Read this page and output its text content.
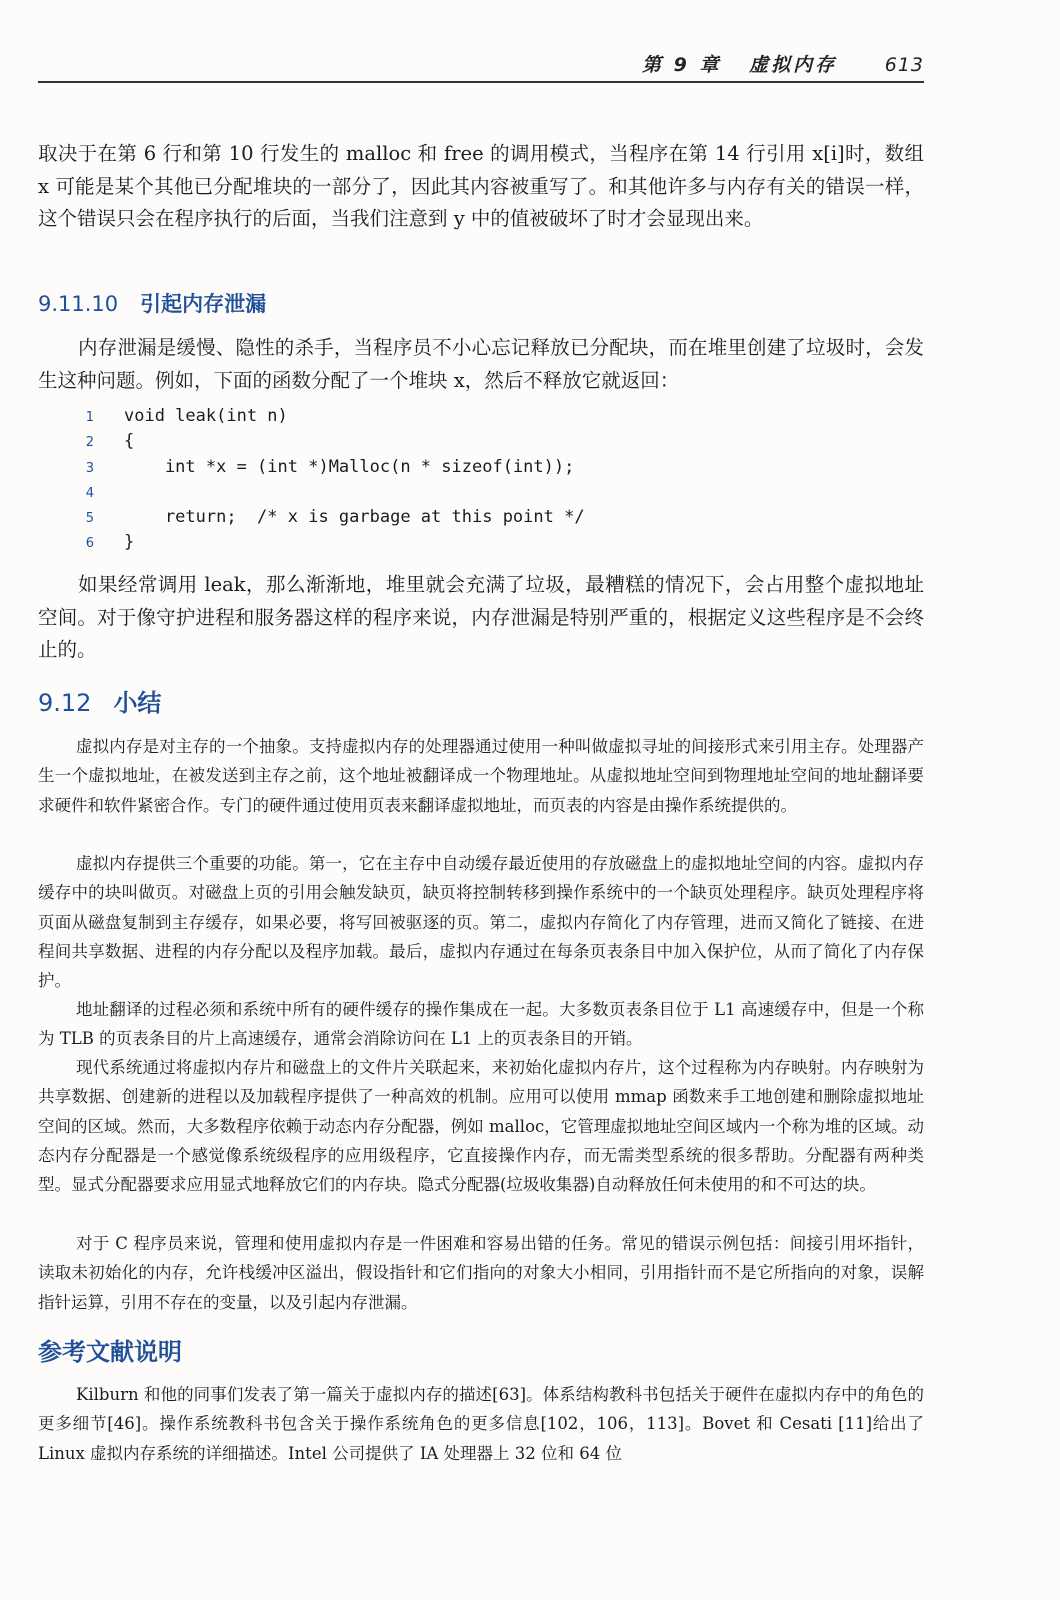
第 9 章 虚拟内存	613

取决于在第 6 行和第 10 行发生的 malloc 和 free 的调用模式，当程序在第 14 行引用 x[i]时，数组 x 可能是某个其他已分配堆块的一部分了，因此其内容被重写了。和其他许多与内存有关的错误一样，这个错误只会在程序执行的后面，当我们注意到 y 中的值被破坏了时才会显现出来。

9.11.10 引起内存泄漏

内存泄漏是缓慢、隐性的杀手，当程序员不小心忘记释放已分配块，而在堆里创建了垃圾时，会发生这种问题。例如，下面的函数分配了一个堆块 x，然后不释放它就返回：

1 void leak(int n)
2 {
3    int *x = (int *)Malloc(n * sizeof(int));
4
5    return;  /* x is garbage at this point */
6 }

如果经常调用 leak，那么渐渐地，堆里就会充满了垃圾，最糟糕的情况下，会占用整个虚拟地址空间。对于像守护进程和服务器这样的程序来说，内存泄漏是特别严重的，根据定义这些程序是不会终止的。

9.12 小结

虚拟内存是对主存的一个抽象。支持虚拟内存的处理器通过使用一种叫做虚拟寻址的间接形式来引用主存。处理器产生一个虚拟地址，在被发送到主存之前，这个地址被翻译成一个物理地址。从虚拟地址空间到物理地址空间的地址翻译要求硬件和软件紧密合作。专门的硬件通过使用页表来翻译虚拟地址，而页表的内容是由操作系统提供的。

虚拟内存提供三个重要的功能。第一，它在主存中自动缓存最近使用的存放磁盘上的虚拟地址空间的内容。虚拟内存缓存中的块叫做页。对磁盘上页的引用会触发缺页，缺页将控制转移到操作系统中的一个缺页处理程序。缺页处理程序将页面从磁盘复制到主存缓存，如果必要，将写回被驱逐的页。第二，虚拟内存简化了内存管理，进而又简化了链接、在进程间共享数据、进程的内存分配以及程序加载。最后，虚拟内存通过在每条页表条目中加入保护位，从而了简化了内存保护。

地址翻译的过程必须和系统中所有的硬件缓存的操作集成在一起。大多数页表条目位于 L1 高速缓存中，但是一个称为 TLB 的页表条目的片上高速缓存，通常会消除访问在 L1 上的页表条目的开销。

现代系统通过将虚拟内存片和磁盘上的文件片关联起来，来初始化虚拟内存片，这个过程称为内存映射。内存映射为共享数据、创建新的进程以及加载程序提供了一种高效的机制。应用可以使用 mmap 函数来手工地创建和删除虚拟地址空间的区域。然而，大多数程序依赖于动态内存分配器，例如 malloc，它管理虚拟地址空间区域内一个称为堆的区域。动态内存分配器是一个感觉像系统级程序的应用级程序，它直接操作内存，而无需类型系统的很多帮助。分配器有两种类型。显式分配器要求应用显式地释放它们的内存块。隐式分配器(垃圾收集器)自动释放任何未使用的和不可达的块。

对于 C 程序员来说，管理和使用虚拟内存是一件困难和容易出错的任务。常见的错误示例包括：间接引用坏指针，读取未初始化的内存，允许栈缓冲区溢出，假设指针和它们指向的对象大小相同，引用指针而不是它所指向的对象，误解指针运算，引用不存在的变量，以及引起内存泄漏。

参考文献说明

Kilburn 和他的同事们发表了第一篇关于虚拟内存的描述[63]。体系结构教科书包括关于硬件在虚拟内存中的角色的更多细节[46]。操作系统教科书包含关于操作系统角色的更多信息[102，106，113]。Bovet 和 Cesati [11]给出了 Linux 虚拟内存系统的详细描述。Intel 公司提供了 IA 处理器上 32 位和 64 位
